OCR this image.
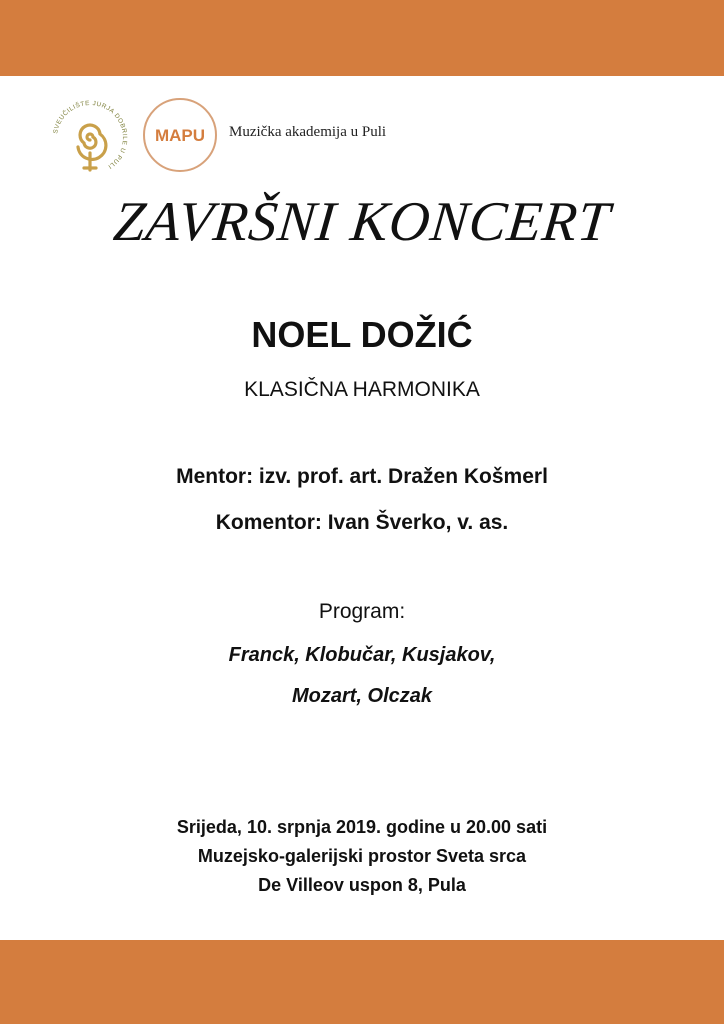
SVEUČILIŠTE JURJA DOBRILE U PULI
MAPU Muzička akademija u Puli
ZAVRŠNI KONCERT
NOEL DOŽIĆ
KLASIČNA HARMONIKA
Mentor: izv. prof. art. Dražen Košmerl
Komentor: Ivan Šverko, v. as.
Program:
Franck, Klobučar, Kusjakov,
Mozart, Olczak
Srijeda, 10. srpnja 2019. godine u 20.00 sati
Muzejsko-galerijski prostor Sveta srca
De Villeov uspon 8, Pula
